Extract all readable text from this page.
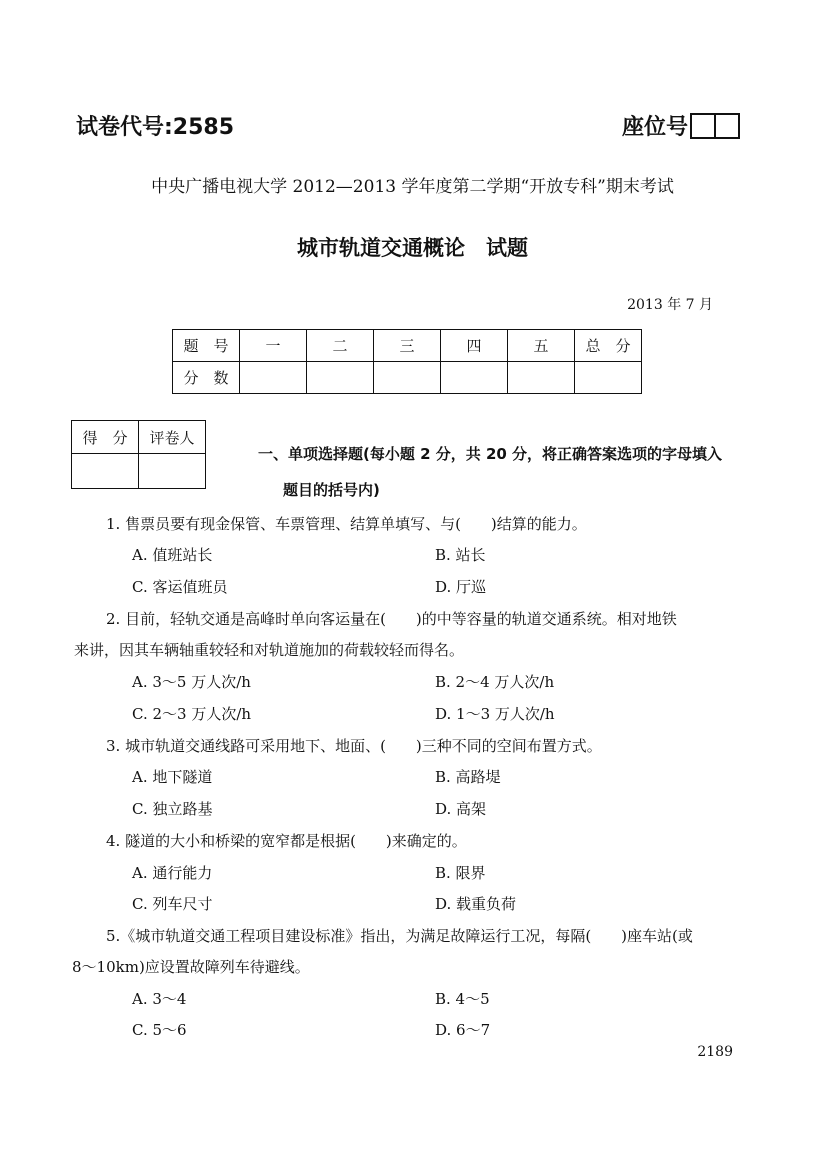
试卷代号:2585	座位号
中央广播电视大学 2012—2013 学年度第二学期“开放专科”期末考试
城市轨道交通概论　试题
2013 年 7 月
题　号	一	二	三	四	五	总　分
分　数						
得　分	评卷人

一、单项选择题(每小题 2 分，共 20 分，将正确答案选项的字母填入
题目的括号内)
1. 售票员要有现金保管、车票管理、结算单填写、与(　　)结算的能力。
A. 值班站长	B. 站长
C. 客运值班员	D. 厅巡
2. 目前，轻轨交通是高峰时单向客运量在(　　)的中等容量的轨道交通系统。相对地铁
来讲，因其车辆轴重较轻和对轨道施加的荷载较轻而得名。
A. 3～5 万人次/h	B. 2～4 万人次/h
C. 2～3 万人次/h	D. 1～3 万人次/h
3. 城市轨道交通线路可采用地下、地面、(　　)三种不同的空间布置方式。
A. 地下隧道	B. 高路堤
C. 独立路基	D. 高架
4. 隧道的大小和桥梁的宽窄都是根据(　　)来确定的。
A. 通行能力	B. 限界
C. 列车尺寸	D. 载重负荷
5.《城市轨道交通工程项目建设标准》指出，为满足故障运行工况，每隔(　　)座车站(或
8～10km)应设置故障列车待避线。
A. 3～4	B. 4～5
C. 5～6	D. 6～7
2189
